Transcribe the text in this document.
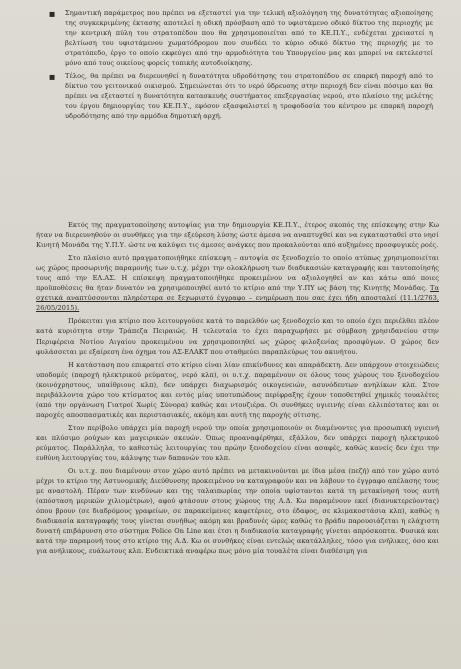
■ Σημαντική παράμετρος που πρέπει να εξεταστεί για την τελική αξιολόγηση της δυνατότητας αξιοποίησης της συγκεκριμένης έκτασης αποτελεί η οδική πρόσβαση από το υφιστάμενο οδικό δίκτυο της περιοχής με την κεντρική πύλη του στρατοπέδου που θα χρησιμοποιείται από το ΚΕ.Π.Υ., ενδέχεται χρειαστεί η βελτίωση του υφιστάμενου χωματόδρομου που συνδέει το κύριο οδικό δίκτυο της περιοχής με το στρατόπεδο, έργο το οποίο εκφεύγει από την αρμοδιότητα του Υπουργείου μας και μπορεί να εκτελεστεί μόνο από τους οικείους φορείς τοπικής αυτοδιοίκησης.
■ Τέλος, θα πρέπει να διερευνηθεί η δυνατότητα υδροδότησης του στρατοπέδου σε επαρκή παροχή από το δίκτυο του γειτονικού οικισμού. Σημειώνεται ότι το νερό ύδρευσης στην περιοχή δεν είναι πόσιμο και θα πρέπει να εξεταστεί η δυνατότητα κατασκευής συστήματος επεξεργασίας νερού, στο πλαίσιο της μελέτης του έργου δημιουργίας του ΚΕ.Π.Υ., εφόσον εξασφαλιστεί η τροφοδοσία του κέντρου με επαρκή παροχή υδροδότησης από την αρμόδια δημοτική αρχή.

Εκτός της πραγματοποίησης αυτοψίας για την δημιουργία ΚΕ.Π.Υ., έτερος σκοπός της επίσκεψης στην Κω ήταν να διερευνηθούν οι συνθήκες για την εξεύρεση λύσης ώστε άμεσα να αναπτυχθεί και να εγκατασταθεί στο νησί Κινητή Μονάδα της Υ.Π.Υ. ώστε να καλύψει τις άμεσες ανάγκες που προκαλούνται από αυξημένες προσφυγικές ροές.

Στο πλαίσιο αυτό πραγματοποιήθηκε επίσκεψη – αυτοψία σε ξενοδοχείο το οποίο ατύπως χρησιμοποιείται ως χώρος προσωρινής παραμονής των υ.τ.χ. μέχρι την ολοκλήρωση των διαδικασιών καταγραφής και ταυτοποίησής τους από την ΕΛ.ΑΣ. Η επίσκεψη πραγματοποιήθηκε προκειμένου να αξιολογηθεί αν και κάτω από ποιες προϋποθέσεις θα ήταν δυνατόν να χρησιμοποιηθεί αυτό το κτίριο από την Υ.ΠΥ ως βάση της Κινητής Μονάδας. Τα σχετικά αναπτύσσονται πληρέστερα σε ξεχωριστό έγγραφο – ενημέρωση που σας έχει ήδη αποσταλεί (11.1/2763, 26/05/2015).

Πρόκειται για κτίριο που λειτουργούσε κατά το παρελθόν ως ξενοδοχείο και το οποίο έχει περιέλθει πλέον κατά κυριότητα στην Τράπεζα Πειραιώς. Η τελευταία το έχει παραχωρήσει με σύμβαση χρησιδανείου στην Περιφέρεια Νοτίου Αιγαίου προκειμένου να χρησιμοποιηθεί ως χώρος φιλοξενίας προσφύγων. Ο χώρος δεν φυλάσσεται με εξαίρεση ένα όχημα του ΑΣ-ΕΛΑΚΤ που σταθμεύει παραπλεύρως του ακινήτου.

Η κατάσταση που επικρατεί στο κτίριο είναι λίαν επικίνδυνες και απαράδεκτη. Δεν υπάρχουν στοιχειώδεις υποδομές (παροχή ηλεκτρικού ρεύματος, νερό κλπ), οι υ.τ.χ. παραμένουν σε όλους τους χώρους του ξενοδοχείου (κοινόχρηστους, υπαίθριους κλπ), δεν υπάρχει διαχωρισμός οικογενειών, ασυνόδευτων ανηλίκων κλπ. Στον περιβάλλοντα χώρο του κτίσματος και εντός μίας υποτυπώδους περίφραξης έχουν τοποθετηθεί χημικές τουαλέτες (από την οργάνωση Γιατροί Χωρίς Σύνορα) καθώς και ντουζιέρα. Οι συνθήκες υγιεινής είναι ελλιπέστατες και οι παροχές αποσπασματικές και περιστασιακές, ακόμη και αυτή της παροχής σίτισης.

Στον περίβολο υπάρχει μία παροχή νερού την οποία χρησιμοποιούν οι διαμένοντες για προσωπική υγιεινή και πλύσιμο ρούχων και μαγειρικών σκευών. Όπως προαναφέρθηκε, εξάλλου, δεν υπάρχει παροχή ηλεκτρικού ρεύματος. Παράλληλα, το καθεστώς λειτουργίας του πρώην ξενοδοχείου είναι ασαφές, καθώς κανείς δεν έχει την ευθύνη λειτουργίας του, κάλυψης των δαπανών του κλπ.

Οι υ.τ.χ. που διαμένουν στον χώρο αυτό πρέπει να μετακινούνται με ίδια μέσα (πεζή) από τον χώρο αυτό μέχρι το κτίριο της Αστυνομικής Διεύθυνσης προκειμένου να καταγραφούν και να λάβουν το έγγραφο απέλασης τους με αναστολή. Πέραν των κινδύνων και της ταλαιπωρίας την οποία υφίστανται κατά τη μετακίνησή τους αυτή (απόσταση μερικών χιλιομέτρων), αφού φτάσουν στους χώρους της Α.Δ. Κω παραμένουν εκεί (διανυκτερεύοντας) όπου βρουν (σε διαδρόμους γραφείων, σε παρακείμενες καφετέριες, στο έδαφος, σε κλιμακοστάσια κλπ), καθώς η διαδικασία καταγραφής τους γίνεται συνήθως ακόμη και βραδυνές ώρες καθώς το βράδυ παρουσιάζεται η ελάχιστη δυνατή επιβάρυνση στο σύστημα Police On Line και έτσι η διαδικασία καταγραφής γίνεται απρόσκοπτα. Φυσικά και κατά την παραμονή τους στο κτίριο της Α.Δ. Κω οι συνθήκες είναι εντελώς ακατάλληλες, τόσο για ενήλικες, όσο και για ανήλικους, ευάλωτους κλπ. Ενδεικτικά αναφέρω πως μόνο μία τουαλέτα είναι διαθέσιμη για
